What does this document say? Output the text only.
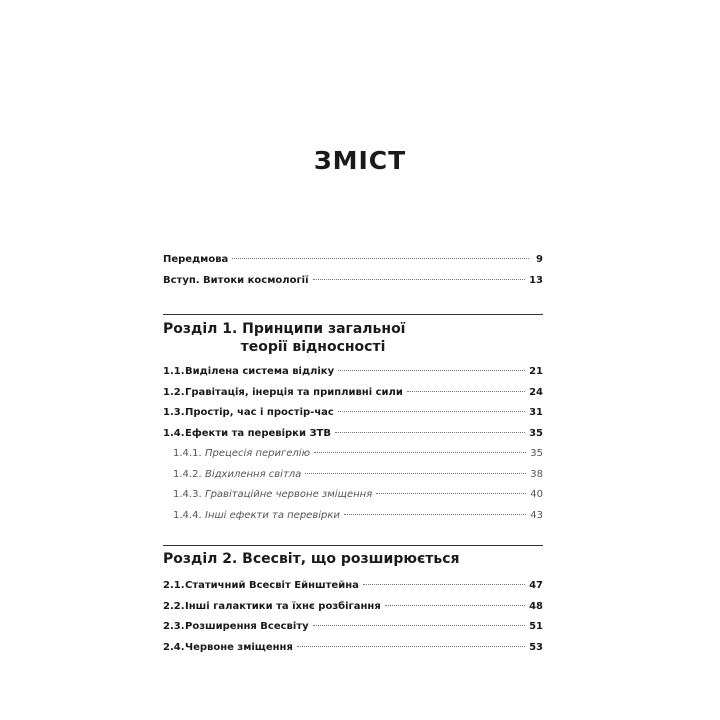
ЗМІСТ
Передмова	9
Вступ. Витоки космології	13
Розділ 1. Принципи загальної
теорії відносності
1.1. Виділена система відліку	21
1.2. Гравітація, інерція та припливні сили	24
1.3. Простір, час і простір-час	31
1.4. Ефекти та перевірки ЗТВ	35
1.4.1. Прецесія перигелію	35
1.4.2. Відхилення світла	38
1.4.3. Гравітаційне червоне зміщення	40
1.4.4. Інші ефекти та перевірки	43
Розділ 2. Всесвіт, що розширюється
2.1. Статичний Всесвіт Ейнштейна	47
2.2. Інші галактики та їхнє розбігання	48
2.3. Розширення Всесвіту	51
2.4. Червоне зміщення	53
